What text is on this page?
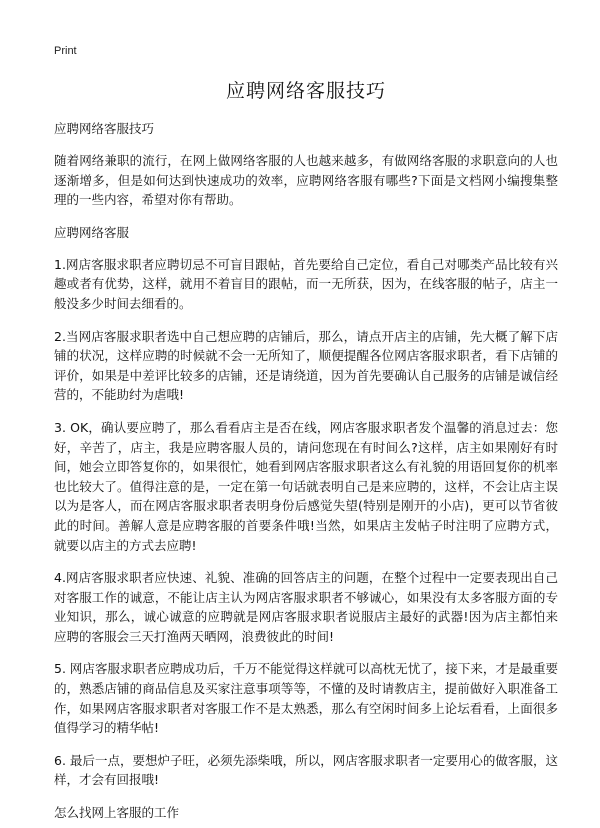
Print
应聘网络客服技巧
应聘网络客服技巧

随着网络兼职的流行，在网上做网络客服的人也越来越多，有做网络客服的求职意向的人也逐渐增多，但是如何达到快速成功的效率，应聘网络客服有哪些?下面是文档网小编搜集整理的一些内容，希望对你有帮助。

应聘网络客服

1.网店客服求职者应聘切忌不可盲目跟帖，首先要给自己定位，看自己对哪类产品比较有兴趣或者有优势，这样，就用不着盲目的跟帖，而一无所获，因为，在线客服的帖子，店主一般没多少时间去细看的。

2.当网店客服求职者选中自己想应聘的店铺后，那么，请点开店主的店铺，先大概了解下店铺的状况，这样应聘的时候就不会一无所知了，顺便提醒各位网店客服求职者，看下店铺的评价，如果是中差评比较多的店铺，还是请绕道，因为首先要确认自己服务的店铺是诚信经营的，不能助纣为虐哦!

3. OK，确认要应聘了，那么看看店主是否在线，网店客服求职者发个温馨的消息过去：您好，辛苦了，店主，我是应聘客服人员的，请问您现在有时间么?这样，店主如果刚好有时间，她会立即答复你的，如果很忙，她看到网店客服求职者这么有礼貌的用语回复你的机率也比较大了。值得注意的是，一定在第一句话就表明自己是来应聘的，这样，不会让店主误以为是客人，而在网店客服求职者表明身份后感觉失望(特别是刚开的小店)，更可以节省彼此的时间。善解人意是应聘客服的首要条件哦!当然，如果店主发帖子时注明了应聘方式，就要以店主的方式去应聘!

4.网店客服求职者应快速、礼貌、准确的回答店主的问题，在整个过程中一定要表现出自己对客服工作的诚意，不能让店主认为网店客服求职者不够诚心，如果没有太多客服方面的专业知识，那么，诚心诚意的应聘就是网店客服求职者说服店主最好的武器!因为店主都怕来应聘的客服会三天打渔两天晒网，浪费彼此的时间!

5. 网店客服求职者应聘成功后，千万不能觉得这样就可以高枕无忧了，接下来，才是最重要的，熟悉店铺的商品信息及买家注意事项等等，不懂的及时请教店主，提前做好入职准备工作，如果网店客服求职者对客服工作不是太熟悉，那么有空闲时间多上论坛看看，上面很多值得学习的精华帖!

6. 最后一点，要想炉子旺，必须先添柴哦，所以，网店客服求职者一定要用心的做客服，这样，才会有回报哦!

怎么找网上客服的工作
